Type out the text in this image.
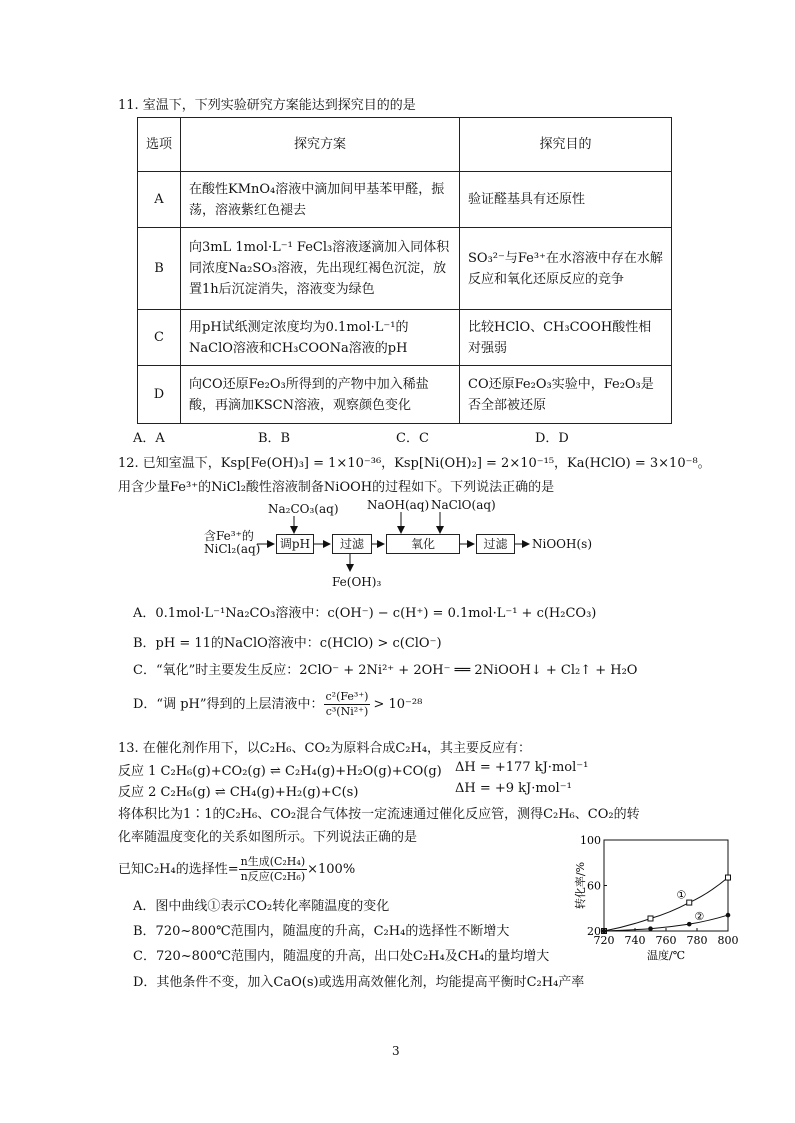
11. 室温下，下列实验研究方案能达到探究目的的是
选项	探究方案	探究目的
A	在酸性KMnO₄溶液中滴加间甲基苯甲醛，振荡，溶液紫红色褪去	验证醛基具有还原性
B	向3mL 1mol·L⁻¹ FeCl₃溶液逐滴加入同体积同浓度Na₂SO₃溶液，先出现红褐色沉淀，放置1h后沉淀消失，溶液变为绿色	SO₃²⁻与Fe³⁺在水溶液中存在水解反应和氧化还原反应的竞争
C	用pH试纸测定浓度均为0.1mol·L⁻¹的NaClO溶液和CH₃COONa溶液的pH	比较HClO、CH₃COOH酸性相对强弱
D	向CO还原Fe₂O₃所得到的产物中加入稀盐酸，再滴加KSCN溶液，观察颜色变化	CO还原Fe₂O₃实验中，Fe₂O₃是否全部被还原
A．A	B．B	C．C	D．D
12. 已知室温下，Ksp[Fe(OH)₃] = 1×10⁻³⁶，Ksp[Ni(OH)₂] = 2×10⁻¹⁵，Ka(HClO) = 3×10⁻⁸。
用含少量Fe³⁺的NiCl₂酸性溶液制备NiOOH的过程如下。下列说法正确的是
含Fe³⁺的
NiCl₂(aq)
Na₂CO₃(aq) NaOH(aq) NaClO(aq)
调pH	过滤	氧化	过滤	NiOOH(s)
Fe(OH)₃
A．0.1mol·L⁻¹Na₂CO₃溶液中：c(OH⁻) − c(H⁺) = 0.1mol·L⁻¹ + c(H₂CO₃)
B．pH = 11的NaClO溶液中：c(HClO) > c(ClO⁻)
C．“氧化”时主要发生反应：2ClO⁻ + 2Ni²⁺ + 2OH⁻ ══ 2NiOOH↓ + Cl₂↑ + H₂O
D．“调 pH”得到的上层清液中： $\frac{\text{c²(Fe³⁺)}}{\text{c³(Ni²⁺)}} > 10^{-28}$
13. 在催化剂作用下，以C₂H₆、CO₂为原料合成C₂H₄，其主要反应有：
反应 1 C₂H₆(g)+CO₂(g) ⇌ C₂H₄(g)+H₂O(g)+CO(g) ΔH = +177 kJ·mol⁻¹
反应 2 C₂H₆(g) ⇌ CH₄(g)+H₂(g)+C(s)	ΔH = +9 kJ·mol⁻¹
将体积比为1∶1的C₂H₆、CO₂混合气体按一定流速通过催化反应管，测得C₂H₆、CO₂的转
化率随温度变化的关系如图所示。下列说法正确的是
已知C₂H₄的选择性= $\frac{\text{n生成(C₂H₄)}}{\text{n反应(C₂H₆)}} \times 100\%$
A．图中曲线①表示CO₂转化率随温度的变化
B．720~800℃范围内，随温度的升高，C₂H₄的选择性不断增大
C．720~800℃范围内，随温度的升高，出口处C₂H₄及CH₄的量均增大
D．其他条件不变，加入CaO(s)或选用高效催化剂，均能提高平衡时C₂H₄产率
720 740 760 780 800
20
60
100
温度/℃
转化率/%	①
②
3
